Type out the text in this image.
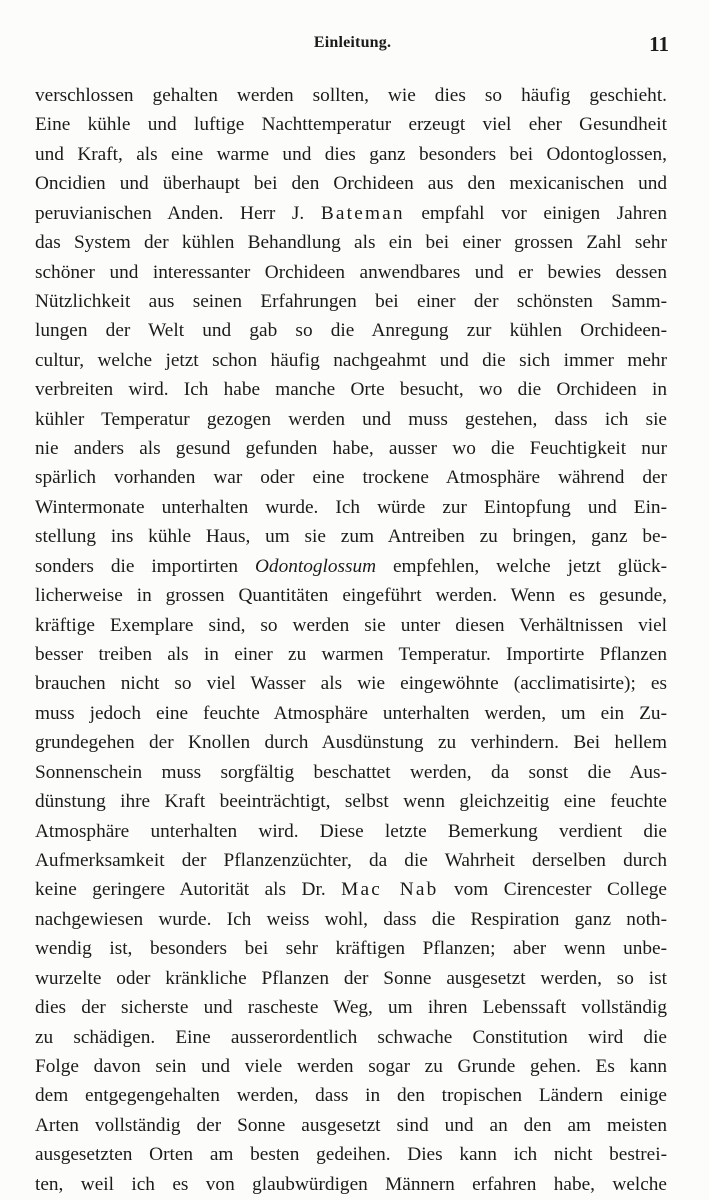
Einleitung.	11
verschlossen gehalten werden sollten, wie dies so häufig geschieht.
Eine kühle und luftige Nachttemperatur erzeugt viel eher Gesundheit
und Kraft, als eine warme und dies ganz besonders bei Odontoglossen,
Oncidien und überhaupt bei den Orchideen aus den mexicanischen und
peruvianischen Anden. Herr J. Bateman empfahl vor einigen Jahren
das System der kühlen Behandlung als ein bei einer grossen Zahl sehr
schöner und interessanter Orchideen anwendbares und er bewies dessen
Nützlichkeit aus seinen Erfahrungen bei einer der schönsten Samm-
lungen der Welt und gab so die Anregung zur kühlen Orchideen-
cultur, welche jetzt schon häufig nachgeahmt und die sich immer mehr
verbreiten wird. Ich habe manche Orte besucht, wo die Orchideen in
kühler Temperatur gezogen werden und muss gestehen, dass ich sie
nie anders als gesund gefunden habe, ausser wo die Feuchtigkeit nur
spärlich vorhanden war oder eine trockene Atmosphäre während der
Wintermonate unterhalten wurde. Ich würde zur Eintopfung und Ein-
stellung ins kühle Haus, um sie zum Antreiben zu bringen, ganz be-
sonders die importirten Odontoglossum empfehlen, welche jetzt glück-
licherweise in grossen Quantitäten eingeführt werden. Wenn es gesunde,
kräftige Exemplare sind, so werden sie unter diesen Verhältnissen viel
besser treiben als in einer zu warmen Temperatur. Importirte Pflanzen
brauchen nicht so viel Wasser als wie eingewöhnte (acclimatisirte); es
muss jedoch eine feuchte Atmosphäre unterhalten werden, um ein Zu-
grundegehen der Knollen durch Ausdünstung zu verhindern. Bei hellem
Sonnenschein muss sorgfältig beschattet werden, da sonst die Aus-
dünstung ihre Kraft beeinträchtigt, selbst wenn gleichzeitig eine feuchte
Atmosphäre unterhalten wird. Diese letzte Bemerkung verdient die
Aufmerksamkeit der Pflanzenzüchter, da die Wahrheit derselben durch
keine geringere Autorität als Dr. Mac Nab vom Cirencester College
nachgewiesen wurde. Ich weiss wohl, dass die Respiration ganz noth-
wendig ist, besonders bei sehr kräftigen Pflanzen; aber wenn unbe-
wurzelte oder kränkliche Pflanzen der Sonne ausgesetzt werden, so ist
dies der sicherste und rascheste Weg, um ihren Lebenssaft vollständig
zu schädigen. Eine ausserordentlich schwache Constitution wird die
Folge davon sein und viele werden sogar zu Grunde gehen. Es kann
dem entgegengehalten werden, dass in den tropischen Ländern einige
Arten vollständig der Sonne ausgesetzt sind und an den am meisten
ausgesetzten Orten am besten gedeihen. Dies kann ich nicht bestrei-
ten, weil ich es von glaubwürdigen Männern erfahren habe, welche
